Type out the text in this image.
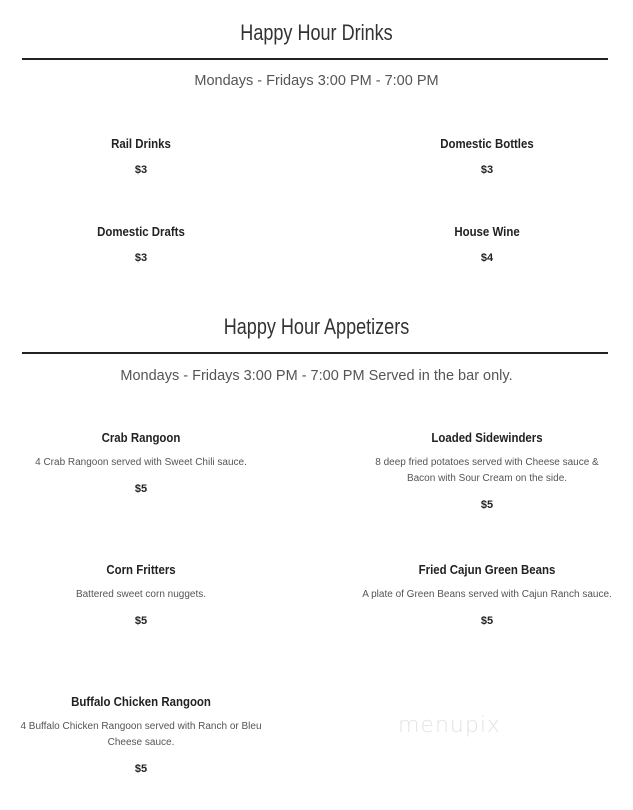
Happy Hour Drinks
Mondays - Fridays 3:00 PM - 7:00 PM
Rail Drinks
$3
Domestic Bottles
$3
Domestic Drafts
$3
House Wine
$4
Happy Hour Appetizers
Mondays - Fridays 3:00 PM - 7:00 PM Served in the bar only.
Crab Rangoon
4 Crab Rangoon served with Sweet Chili sauce.
$5
Loaded Sidewinders
8 deep fried potatoes served with Cheese sauce & Bacon with Sour Cream on the side.
$5
Corn Fritters
Battered sweet corn nuggets.
$5
Fried Cajun Green Beans
A plate of Green Beans served with Cajun Ranch sauce.
$5
Buffalo Chicken Rangoon
4 Buffalo Chicken Rangoon served with Ranch or Bleu Cheese sauce.
$5
menupix
